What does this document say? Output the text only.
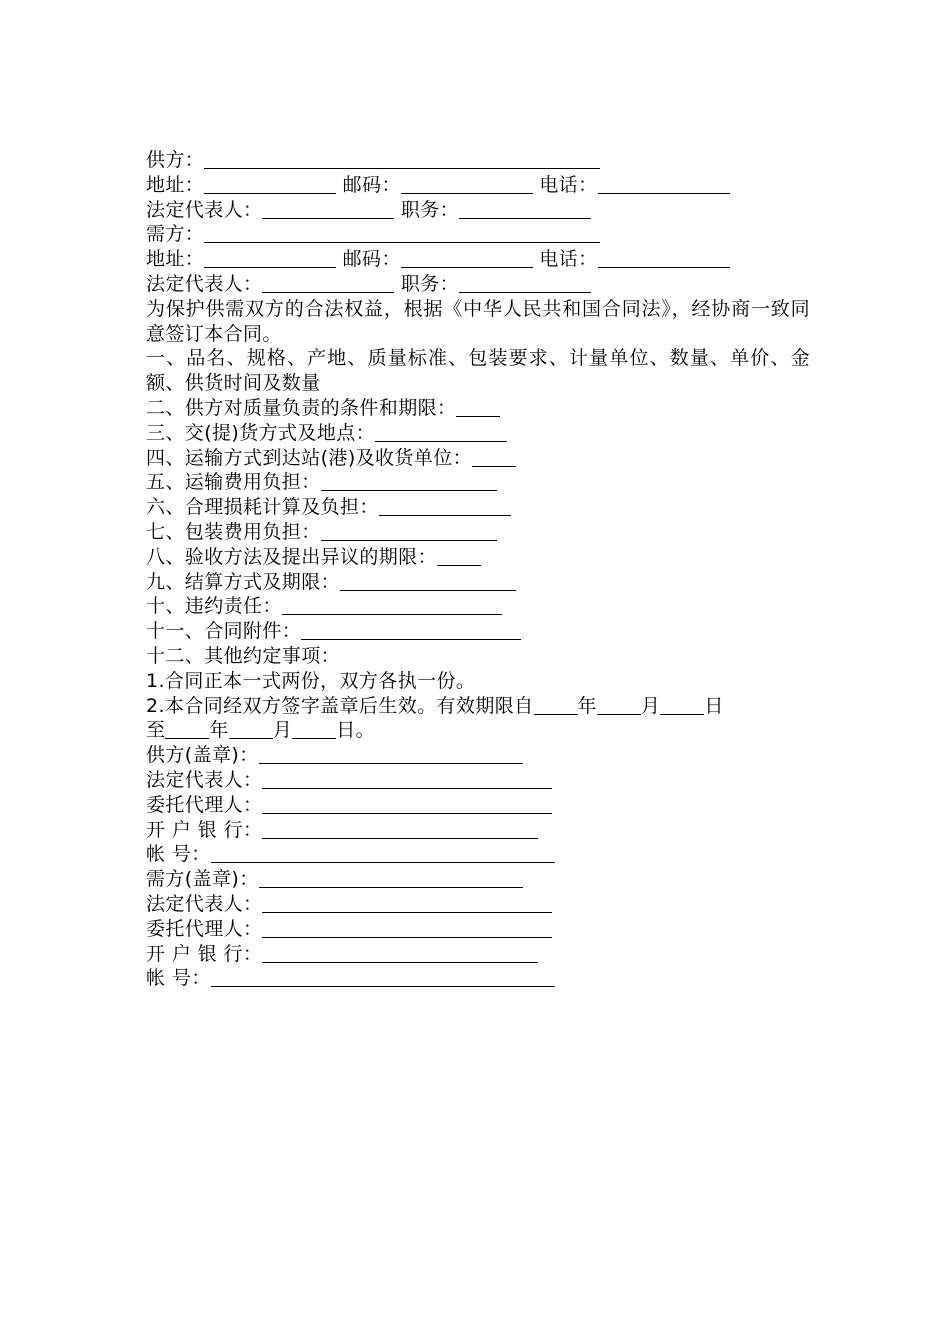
供方：
地址：	邮码：	电话：
法定代表人：	职务：
需方：
地址：	邮码：	电话：
法定代表人：	职务：
为保护供需双方的合法权益，根据《中华人民共和国合同法》，经协商一致同意签订本合同。
一、品名、规格、产地、质量标准、包装要求、计量单位、数量、单价、金额、供货时间及数量
二、供方对质量负责的条件和期限：
三、交(提)货方式及地点：
四、运输方式到达站(港)及收货单位：
五、运输费用负担：
六、合理损耗计算及负担：
七、包装费用负担：
八、验收方法及提出异议的期限：
九、结算方式及期限：
十、违约责任：
十一、合同附件：
十二、其他约定事项：
1.合同正本一式两份，双方各执一份。
2.本合同经双方签字盖章后生效。有效期限自 年 月 日
至 年 月 日。
供方(盖章)：
法定代表人：
委托代理人：
开 户 银 行：
帐 号：
需方(盖章)：
法定代表人：
委托代理人：
开 户 银 行：
帐 号：
